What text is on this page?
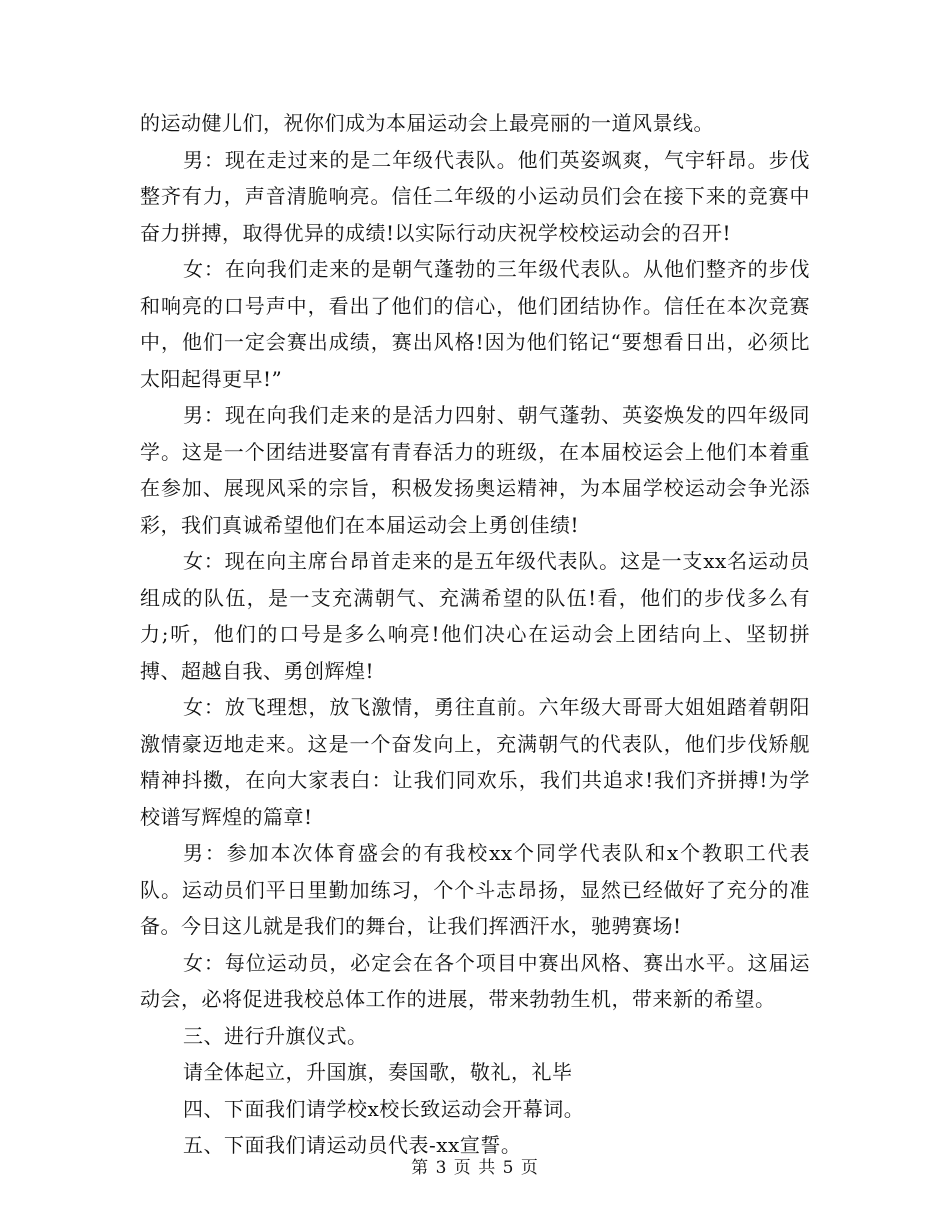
的运动健儿们，祝你们成为本届运动会上最亮丽的一道风景线。

男：现在走过来的是二年级代表队。他们英姿飒爽，气宇轩昂。步伐整齐有力，声音清脆响亮。信任二年级的小运动员们会在接下来的竞赛中奋力拼搏，取得优异的成绩!以实际行动庆祝学校校运动会的召开!

女：在向我们走来的是朝气蓬勃的三年级代表队。从他们整齐的步伐和响亮的口号声中，看出了他们的信心，他们团结协作。信任在本次竞赛中，他们一定会赛出成绩，赛出风格!因为他们铭记“要想看日出，必须比太阳起得更早!”

男：现在向我们走来的是活力四射、朝气蓬勃、英姿焕发的四年级同学。这是一个团结进娶富有青春活力的班级，在本届校运会上他们本着重在参加、展现风采的宗旨，积极发扬奥运精神，为本届学校运动会争光添彩，我们真诚希望他们在本届运动会上勇创佳绩!

女：现在向主席台昂首走来的是五年级代表队。这是一支xx名运动员组成的队伍，是一支充满朝气、充满希望的队伍!看，他们的步伐多么有力;听，他们的口号是多么响亮!他们决心在运动会上团结向上、坚韧拼搏、超越自我、勇创辉煌!

女：放飞理想，放飞激情，勇往直前。六年级大哥哥大姐姐踏着朝阳激情豪迈地走来。这是一个奋发向上，充满朝气的代表队，他们步伐矫舰精神抖擞，在向大家表白：让我们同欢乐，我们共追求!我们齐拼搏!为学校谱写辉煌的篇章!

男：参加本次体育盛会的有我校xx个同学代表队和x个教职工代表队。运动员们平日里勤加练习，个个斗志昂扬，显然已经做好了充分的准备。今日这儿就是我们的舞台，让我们挥洒汗水，驰骋赛场!

女：每位运动员，必定会在各个项目中赛出风格、赛出水平。这届运动会，必将促进我校总体工作的进展，带来勃勃生机，带来新的希望。

三、进行升旗仪式。

请全体起立，升国旗，奏国歌，敬礼，礼毕

四、下面我们请学校x校长致运动会开幕词。

五、下面我们请运动员代表-xx宣誓。

第 3 页 共 5 页
